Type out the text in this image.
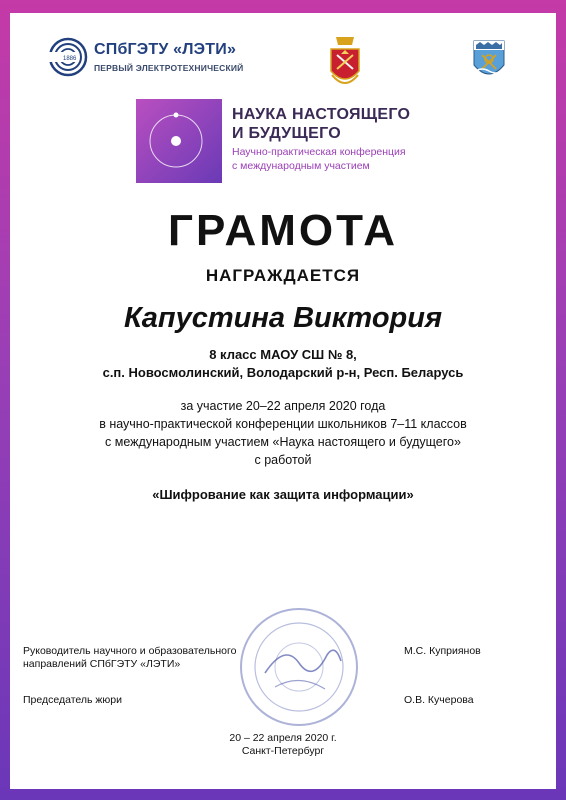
1886
СПбГЭТУ «ЛЭТИ»
ПЕРВЫЙ ЭЛЕКТРОТЕХНИЧЕСКИЙ
НАУКА НАСТОЯЩЕГО
И БУДУЩЕГО
Научно-практическая конференция
с международным участием
ГРАМОТА
НАГРАЖДАЕТСЯ
Капустина Виктория
8 класс МАОУ СШ № 8,
с.п. Новосмолинский, Володарский р-н, Респ. Беларусь
за участие 20–22 апреля 2020 года
в научно-практической конференции школьников 7–11 классов
с международным участием «Наука настоящего и будущего»
с работой
«Шифрование как защита информации»
Руководитель научного и образовательного
направлений СПбГЭТУ «ЛЭТИ»
М.С. Куприянов
Председатель жюри	О.В. Кучерова
20 – 22 апреля 2020 г.
Санкт-Петербург
